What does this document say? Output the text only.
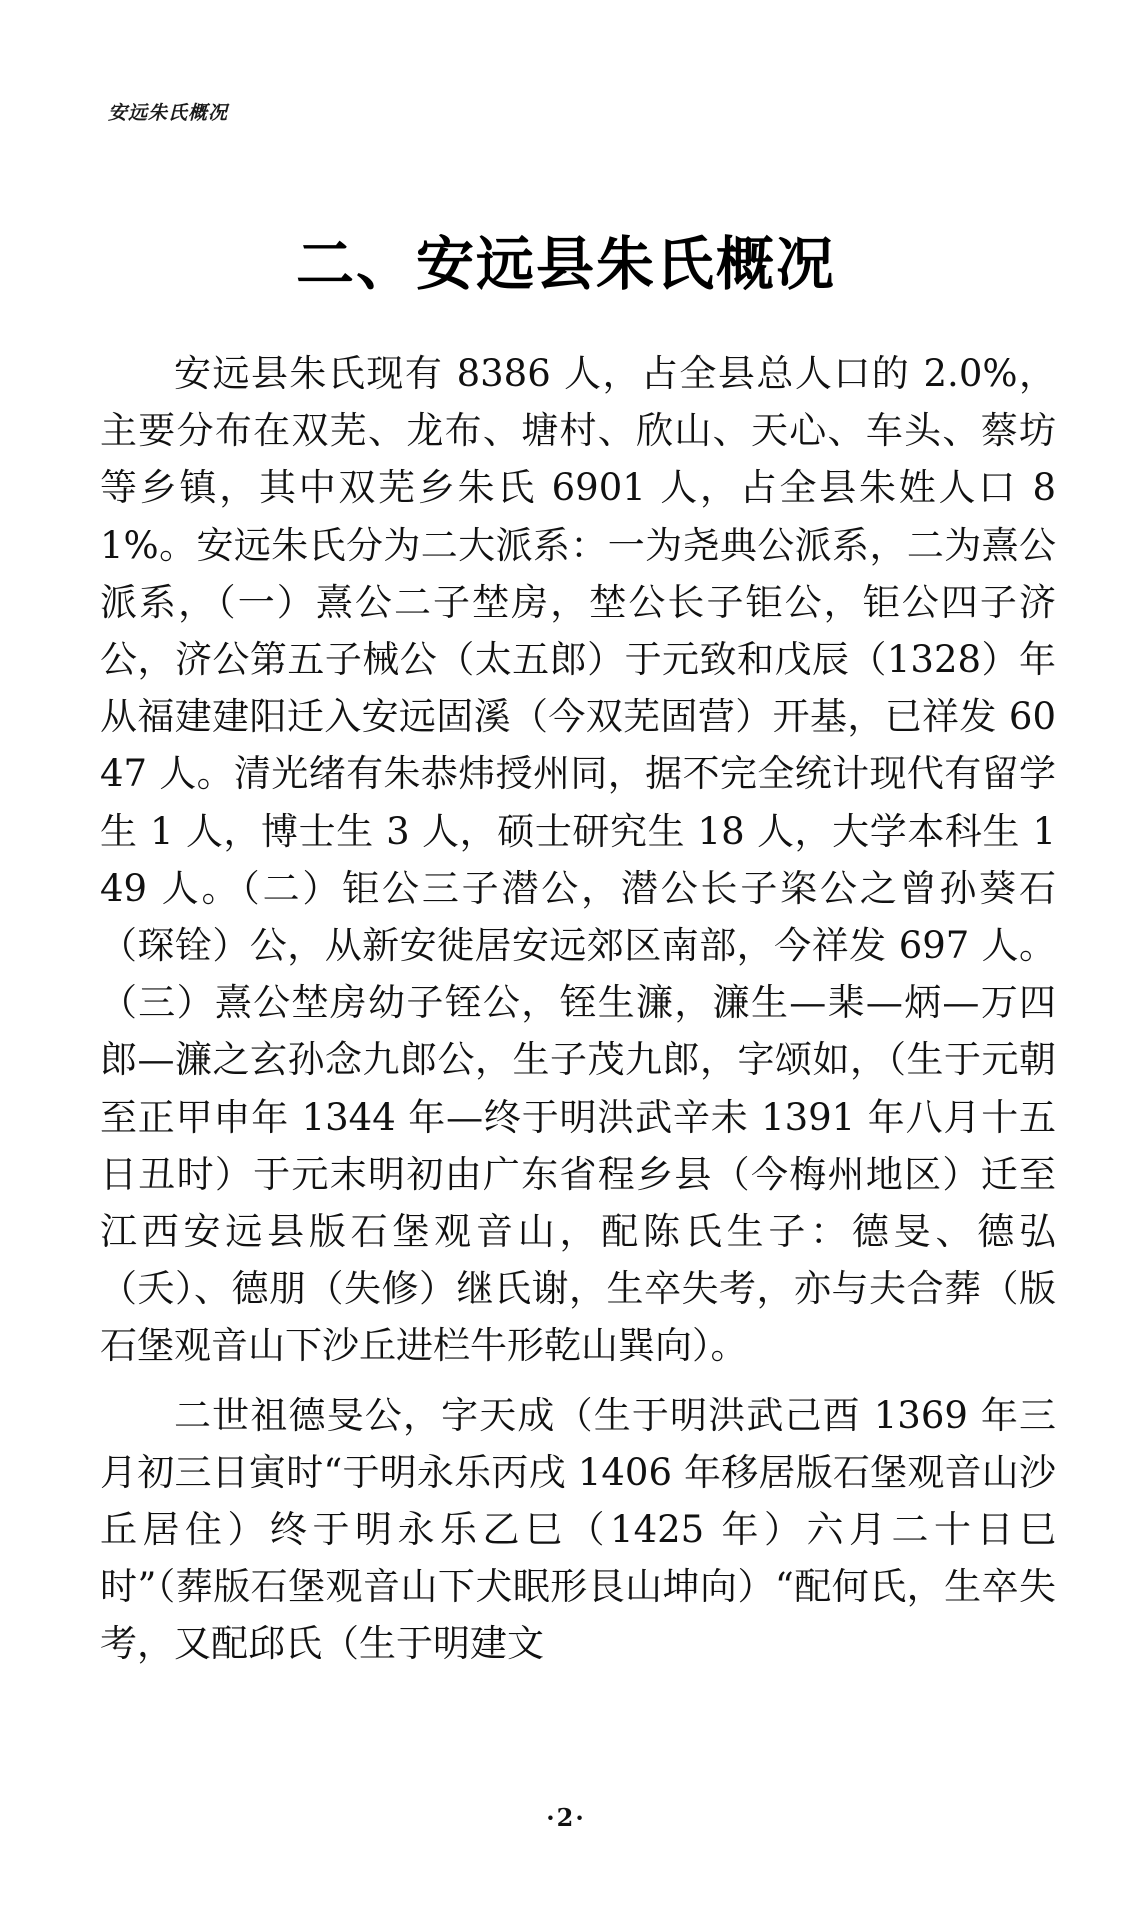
安远朱氏概况
二、安远县朱氏概况

安远县朱氏现有 8386 人，占全县总人口的 2.0%，主要分布在双芜、龙布、塘村、欣山、天心、车头、蔡坊等乡镇，其中双芜乡朱氏 6901 人，占全县朱姓人口 81%。安远朱氏分为二大派系：一为尧典公派系，二为熹公派系，（一）熹公二子埜房，埜公长子钜公，钜公四子济公，济公第五子械公（太五郎）于元致和戊辰（1328）年从福建建阳迁入安远固溪（今双芜固营）开基，已祥发 6047 人。清光绪有朱恭炜授州同，据不完全统计现代有留学生 1 人，博士生 3 人，硕士研究生 18 人，大学本科生 149 人。（二）钜公三子潜公，潜公长子栥公之曾孙葵石（琛铨）公，从新安徙居安远郊区南部，今祥发 697 人。（三）熹公埜房幼子铚公，铚生濂，濂生—棐—炳—万四郎—濂之玄孙念九郎公，生子茂九郎，字颂如，（生于元朝至正甲申年 1344 年—终于明洪武辛未 1391 年八月十五日丑时）于元末明初由广东省程乡县（今梅州地区）迁至江西安远县版石堡观音山，配陈氏生子：德旻、德弘（夭）、德朋（失修）继氏谢，生卒失考，亦与夫合葬（版石堡观音山下沙丘进栏牛形乾山巽向）。

二世祖德旻公，字天成（生于明洪武己酉 1369 年三月初三日寅时“于明永乐丙戌 1406 年移居版石堡观音山沙丘居住）终于明永乐乙巳（1425 年）六月二十日巳时”（葬版石堡观音山下犬眠形艮山坤向）“配何氏，生卒失考，又配邱氏（生于明建文

·2·
